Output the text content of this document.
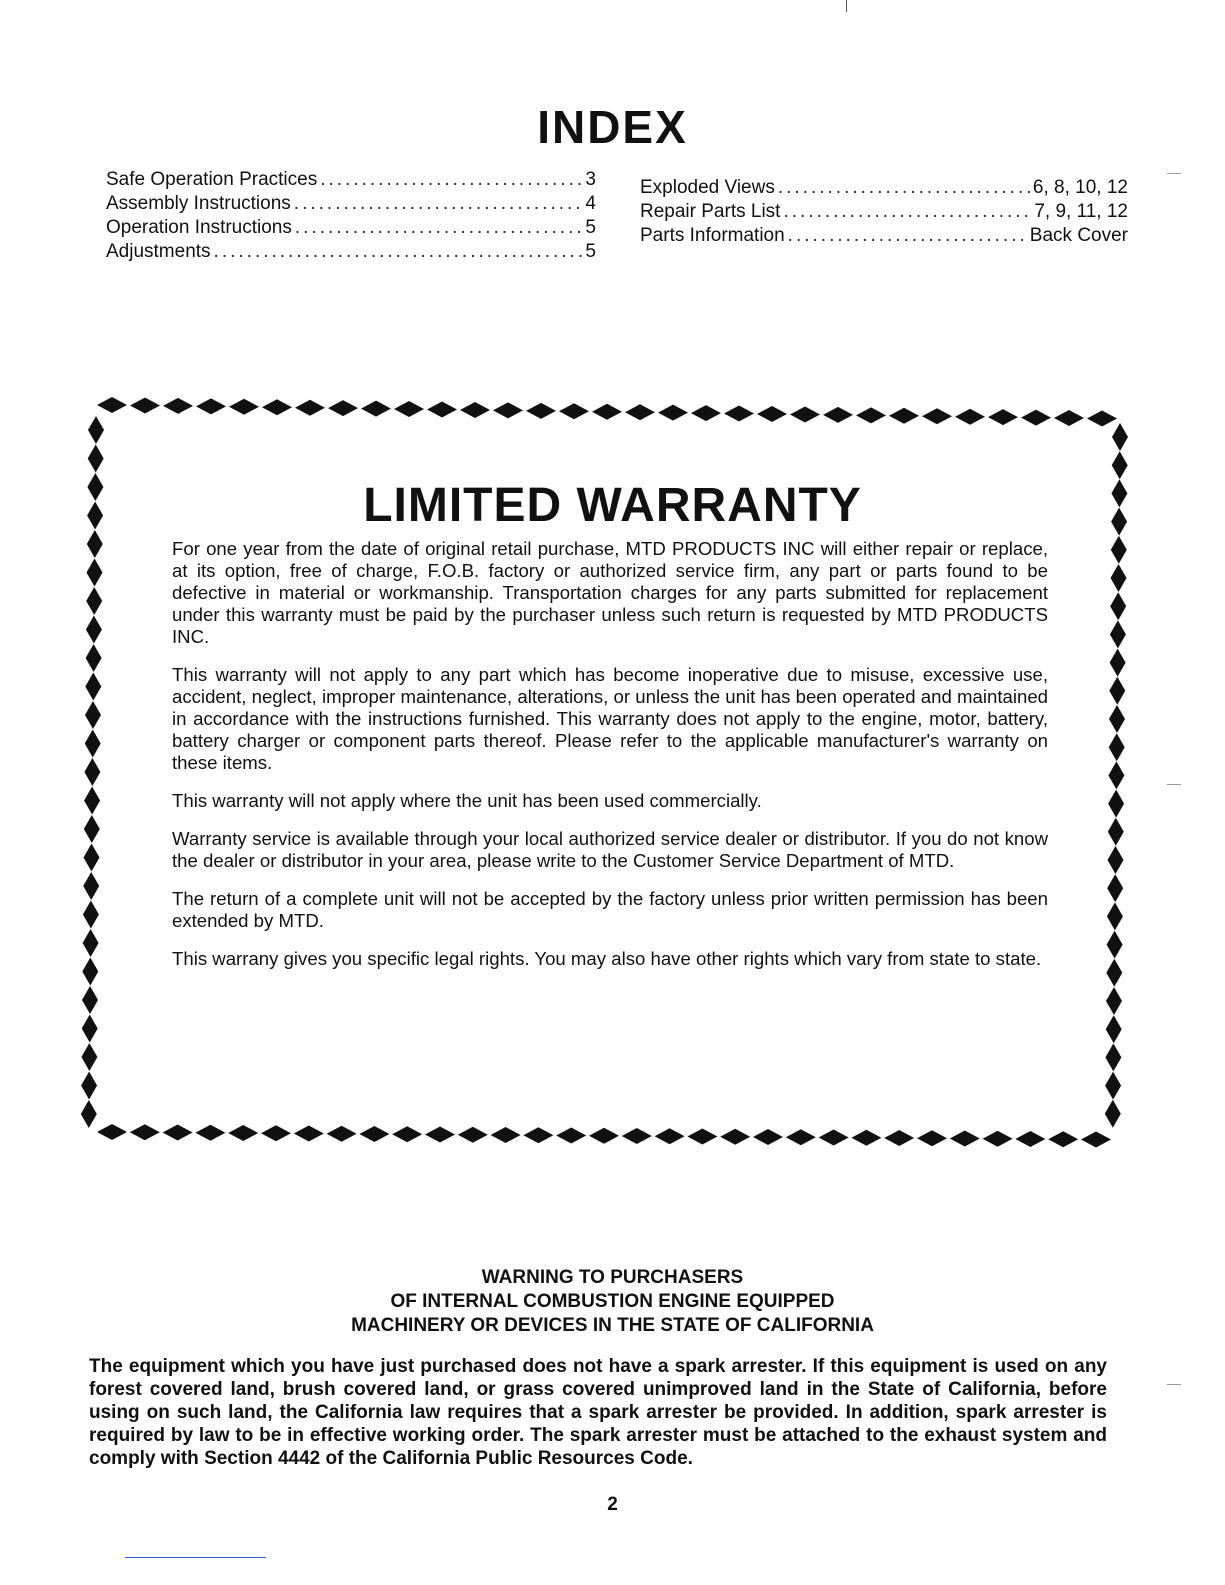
INDEX
Safe Operation Practices .....	3
Assembly Instructions .....	4
Operation Instructions .....	5
Adjustments .....	5
Exploded Views .....	6, 8, 10, 12
Repair Parts List .....	7, 9, 11, 12
Parts Information .....	Back Cover
LIMITED WARRANTY

For one year from the date of original retail purchase, MTD PRODUCTS INC will either repair or replace, at its option, free of charge, F.O.B. factory or authorized service firm, any part or parts found to be defective in material or workmanship. Transportation charges for any parts submitted for replacement under this warranty must be paid by the purchaser unless such return is requested by MTD PRODUCTS INC.

This warranty will not apply to any part which has become inoperative due to misuse, excessive use, accident, neglect, improper maintenance, alterations, or unless the unit has been operated and maintained in accordance with the instructions furnished. This warranty does not apply to the engine, motor, battery, battery charger or component parts thereof. Please refer to the applicable manufacturer's warranty on these items.

This warranty will not apply where the unit has been used commercially.

Warranty service is available through your local authorized service dealer or distributor. If you do not know the dealer or distributor in your area, please write to the Customer Service Department of MTD.

The return of a complete unit will not be accepted by the factory unless prior written permission has been extended by MTD.

This warrany gives you specific legal rights. You may also have other rights which vary from state to state.

WARNING TO PURCHASERS
OF INTERNAL COMBUSTION ENGINE EQUIPPED
MACHINERY OR DEVICES IN THE STATE OF CALIFORNIA
The equipment which you have just purchased does not have a spark arrester. If this equipment is used on any forest covered land, brush covered land, or grass covered unimproved land in the State of California, before using on such land, the California law requires that a spark arrester be provided. In addition, spark arrester is required by law to be in effective working order. The spark arrester must be attached to the exhaust system and comply with Section 4442 of the California Public Resources Code.
2
